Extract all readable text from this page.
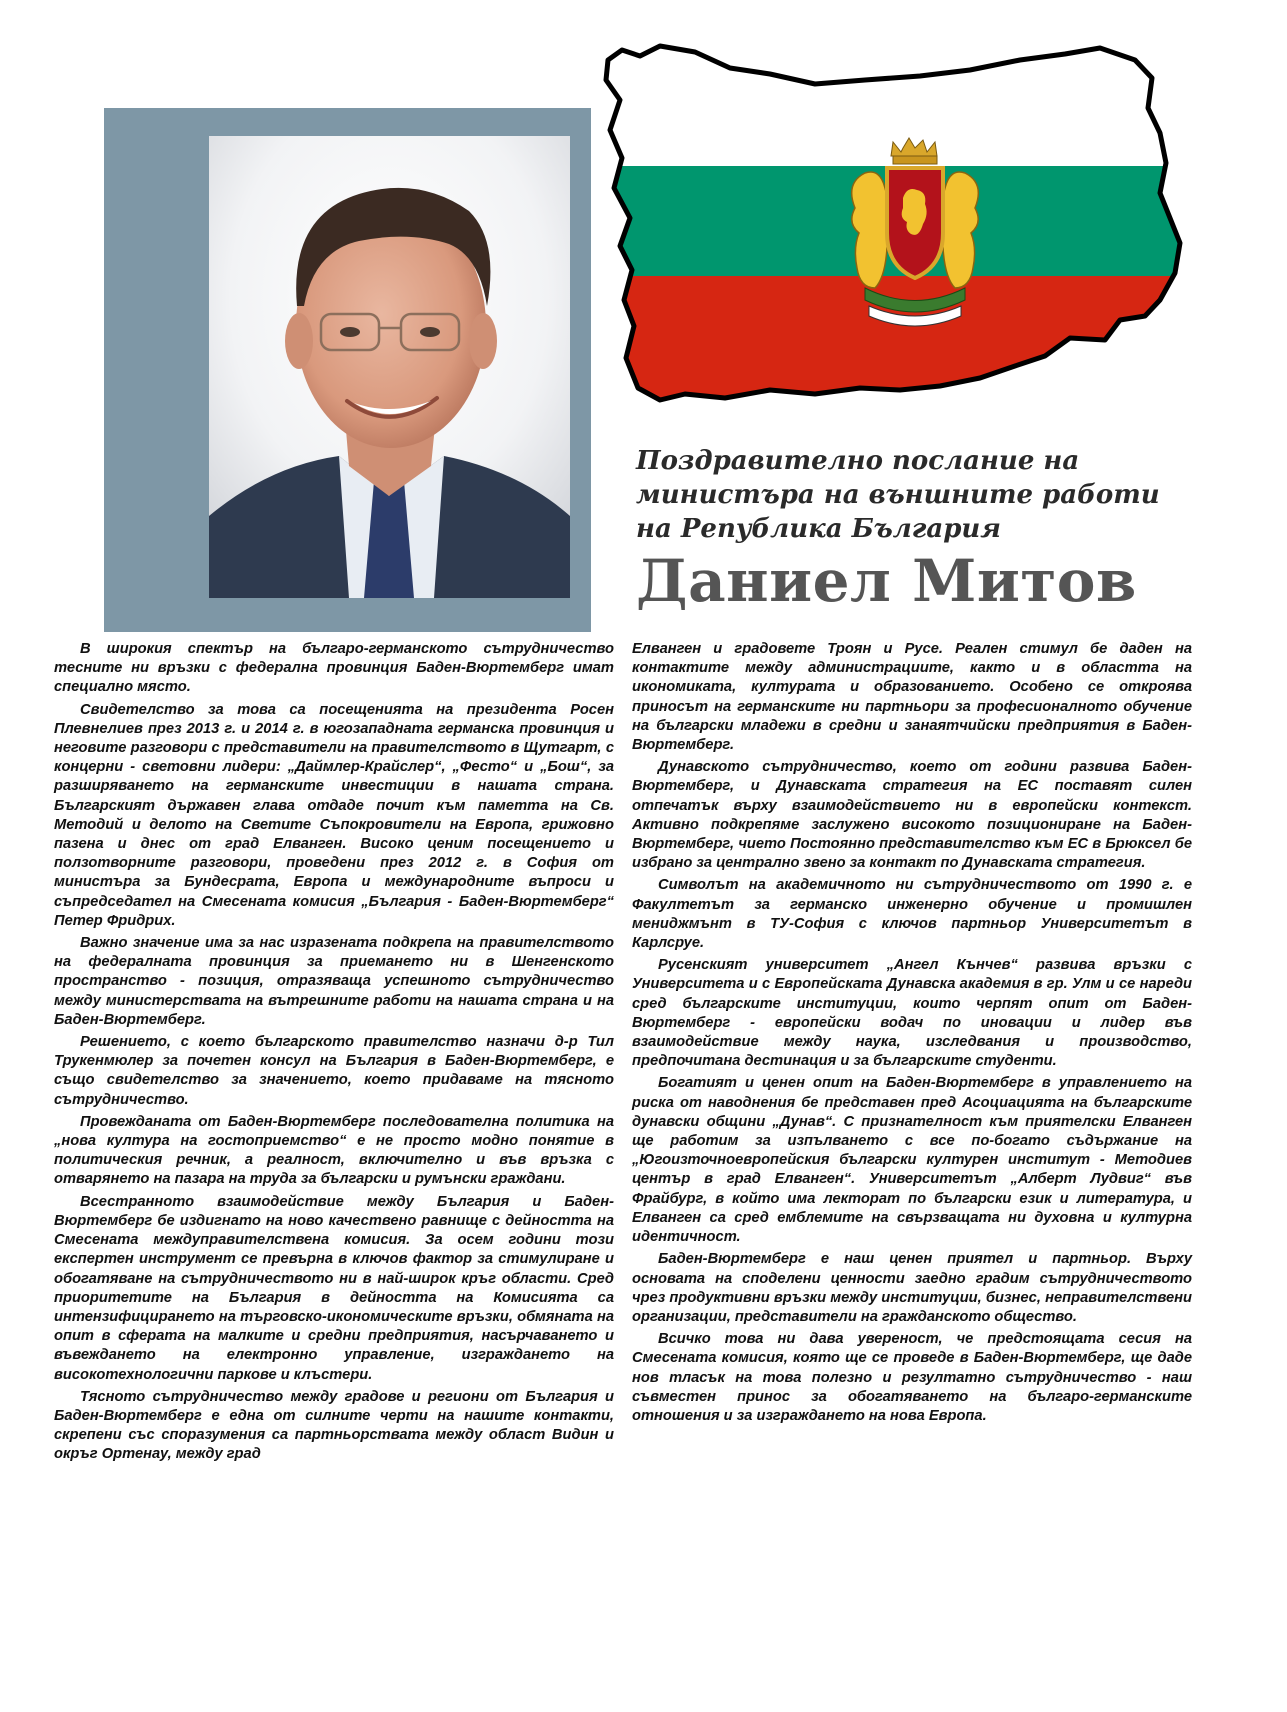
Поздравително послание на

министъра на външните работи

на Република България

Даниел Митов

В широкия спектър на българо-германското сътрудничество тесните ни връзки с федерална провинция Баден-Вюртемберг имат специално място.

Свидетелство за това са посещенията на президента Росен Плевнелиев през 2013 г. и 2014 г. в югозападната германска провинция и неговите разговори с представители на правителството в Щутгарт, с концерни - световни лидери: „Даймлер-Крайслер“, „Фесто“ и „Бош“, за разширяването на германските инвестиции в нашата страна. Българският държавен глава отдаде почит към паметта на Св. Методий и делото на Светите Съпокровители на Европа, грижовно пазена и днес от град Елванген. Високо ценим посещението и ползотворните разговори, проведени през 2012 г. в София от министъра за Бундесрата, Европа и международните въпроси и съпредседател на Смесената комисия „България - Баден-Вюртемберг“ Петер Фридрих.

Важно значение има за нас изразената подкрепа на правителството на федералната провинция за приемането ни в Шенгенското пространство - позиция, отразяваща успешното сътрудничество между министерствата на вътрешните работи на нашата страна и на Баден-Вюртемберг.

Решението, с което българското правителство назначи д-р Тил Трукенмюлер за почетен консул на България в Баден-Вюртемберг, е също свидетелство за значението, което придаваме на тясното сътрудничество.

Провежданата от Баден-Вюртемберг последователна политика на „нова култура на гостоприемство“ е не просто модно понятие в политическия речник, а реалност, включително и във връзка с отварянето на пазара на труда за български и румънски граждани.

Всестранното взаимодействие между България и Баден-Вюртемберг бе издигнато на ново качествено равнище с дейността на Смесената междуправителствена комисия. За осем години този експертен инструмент се превърна в ключов фактор за стимулиране и обогатяване на сътрудничеството ни в най-широк кръг области. Сред приоритетите на България в дейността на Комисията са интензифицирането на търговско-икономическите връзки, обмяната на опит в сферата на малките и средни предприятия, насърчаването и въвеждането на електронно управление, изграждането на високотехнологични паркове и клъстери.

Тясното сътрудничество между градове и региони от България и Баден-Вюртемберг е една от силните черти на нашите контакти, скрепени със споразумения са партньорствата между област Видин и окръг Ортенау, между град

Елванген и градовете Троян и Русе. Реален стимул бе даден на контактите между администрациите, както и в областта на икономиката, културата и образованието. Особено се откроява приносът на германските ни партньори за професионалното обучение на български младежи в средни и занаятчийски предприятия в Баден-Вюртемберг.

Дунавското сътрудничество, което от години развива Баден-Вюртемберг, и Дунавската стратегия на ЕС поставят силен отпечатък върху взаимодействието ни в европейски контекст. Активно подкрепяме заслужено високото позициониране на Баден-Вюртемберг, чието Постоянно представителство към ЕС в Брюксел бе избрано за централно звено за контакт по Дунавската стратегия.

Символът на академичното ни сътрудничеството от 1990 г. е Факултетът за германско инженерно обучение и промишлен мениджмънт в ТУ-София с ключов партньор Университетът в Карлсруе.

Русенският университет „Ангел Кънчев“ развива връзки с Университета и с Европейската Дунавска академия в гр. Улм и се нареди сред българските институции, които черпят опит от Баден-Вюртемберг - европейски водач по иновации и лидер във взаимодействие между наука, изследвания и производство, предпочитана дестинация и за българските студенти.

Богатият и ценен опит на Баден-Вюртемберг в управлението на риска от наводнения бе представен пред Асоциацията на българските дунавски общини „Дунав“. С признателност към приятелски Елванген ще работим за изпълването с все по-богато съдържание на „Югоизточноевропейския български културен институт - Методиев център в град Елванген“. Университетът „Алберт Лудвиг“ във Фрайбург, в който има лекторат по български език и литература, и Елванген са сред емблемите на свързващата ни духовна и културна идентичност.

Баден-Вюртемберг е наш ценен приятел и партньор. Върху основата на споделени ценности заедно градим сътрудничеството чрез продуктивни връзки между институции, бизнес, неправителствени организации, представители на гражданското общество.

Всичко това ни дава увереност, че предстоящата сесия на Смесената комисия, която ще се проведе в Баден-Вюртемберг, ще даде нов тласък на това полезно и резултатно сътрудничество - наш съвместен принос за обогатяването на българо-германските отношения и за изграждането на нова Европа.
